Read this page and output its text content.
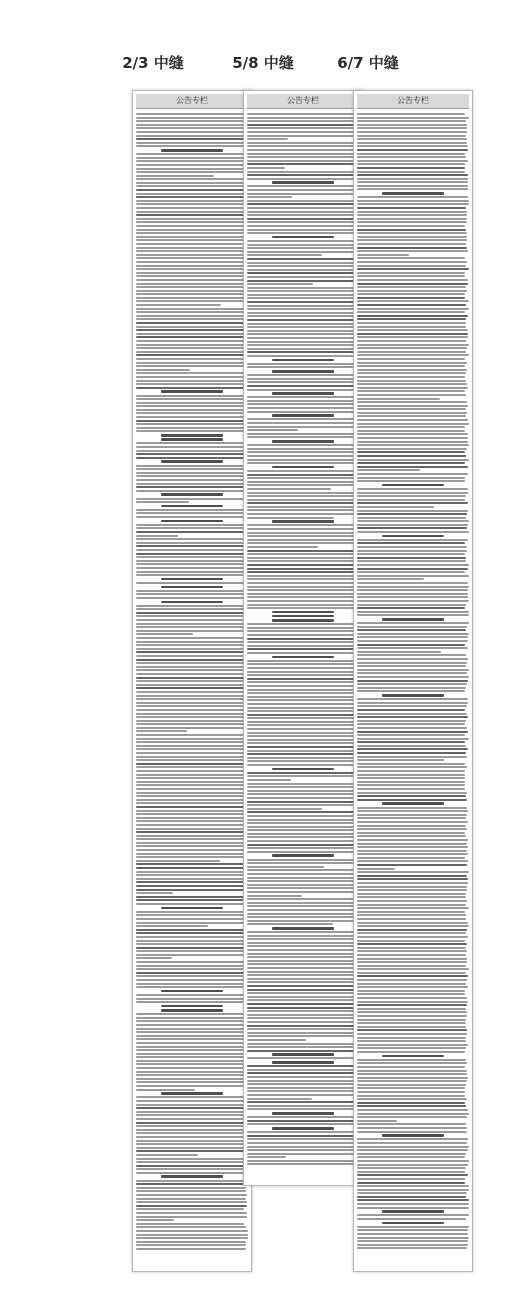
2/3 中缝	5/8 中缝	6/7 中缝
公告专栏	公告专栏	公告专栏
